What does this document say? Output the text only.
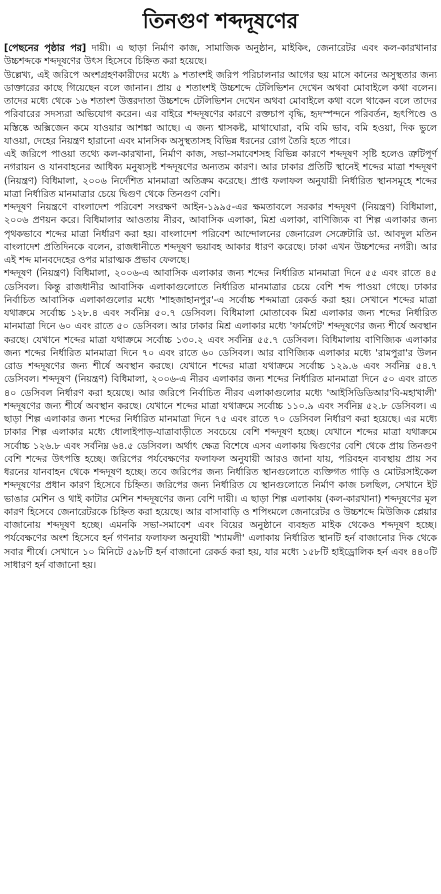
তিনগুণ শব্দদূষণের

[পেছনের পৃষ্ঠার পর] দায়ী। এ ছাড়া নির্মাণ কাজ, সামাজিক অনুষ্ঠান, মাইকিং, জেনারেটর এবং কল-কারখানার উচ্চশব্দকে শব্দদূষণের উৎস হিসেবে চিহ্নিত করা হয়েছে।

উল্লেখ্য, এই জরিপে অংশগ্রহণকারীদের মধ্যে ৯ শতাংশই জরিপ পরিচালনার আগের ছয় মাসে কানের অসুস্থতার জন্য ডাক্তারের কাছে গিয়েছেন বলে জানান। প্রায় ৫ শতাংশই উচ্চশব্দে টেলিভিশন দেখেন অথবা মোবাইলে কথা বলেন। তাদের মধ্যে থেকে ১৬ শতাংশ উত্তরদাতা উচ্চশব্দে টেলিভিশন দেখেন অথবা মোবাইলে কথা বলে থাকেন বলে তাদের পরিবারের সদস্যরা অভিযোগ করেন। এর বাইরে শব্দদূষণের কারণে রক্তচাপ বৃদ্ধি, হৃদস্পন্দনে পরিবর্তন, হৃৎপিণ্ডে ও মস্তিষ্কে অক্সিজেন কমে যাওয়ার আশঙ্কা আছে। এ জন্য শ্বাসকষ্ট, মাথাঘোরা, বমি বমি ভাব, বমি হওয়া, দিক ভুলে যাওয়া, দেহের নিয়ন্ত্রণ হারানো এবং মানসিক অসুস্থতাসহ বিভিন্ন ধরনের রোগ তৈরি হতে পারে।

এই জরিপে পাওয়া তথ্যে কল-কারখানা, নির্মাণ কাজ, সভা-সমাবেশসহ বিভিন্ন কারণে শব্দদূষণ সৃষ্টি হলেও ত্রুটিপূর্ণ নগরায়ন ও যানবাহনের আধিক্য মনুষ্যসৃষ্ট শব্দদূষণের অন্যতম কারণ। আর ঢাকার প্রতিটি স্থানেই শব্দের মাত্রা শব্দদূষণ (নিয়ন্ত্রণ) বিধিমালা, ২০০৬ নির্দেশিত মানমাত্রা অতিক্রম করেছে। প্রাপ্ত ফলাফল অনুযায়ী নির্ধারিত স্থানসমূহে শব্দের মাত্রা নির্ধারিত মানমাত্রার চেয়ে দ্বিগুণ থেকে তিনগুণ বেশি।

শব্দদূষণ নিয়ন্ত্রণে বাংলাদেশ পরিবেশ সংরক্ষণ আইন-১৯৯৫-এর ক্ষমতাবলে সরকার শব্দদূষণ (নিয়ন্ত্রণ) বিধিমালা, ২০০৬ প্রণয়ন করে। বিধিমালার আওতায় নীরব, আবাসিক এলাকা, মিশ্র এলাকা, বাণিজ্যিক বা শিল্প এলাকার জন্য পৃথকভাবে শব্দের মাত্রা নির্ধারণ করা হয়। বাংলাদেশ পরিবেশ আন্দোলনের জেনারেল সেক্রেটারি ডা. আবদুল মতিন বাংলাদেশ প্রতিদিনকে বলেন, রাজধানীতে শব্দদূষণ ভয়াবহ আকার ধারণ করেছে। ঢাকা এখন উচ্চশব্দের নগরী। আর এই শব্দ মানবদেহের ওপর মারাত্মক প্রভাব ফেলছে।

শব্দদূষণ (নিয়ন্ত্রণ) বিধিমালা, ২০০৬-এ আবাসিক এলাকার জন্য শব্দের নির্ধারিত মানমাত্রা দিনে ৫৫ এবং রাতে ৪৫ ডেসিবল। কিন্তু রাজধানীর আবাসিক এলাকাগুলোতে নির্ধারিত মানমাত্রার চেয়ে বেশি শব্দ পাওয়া গেছে। ঢাকার নির্বাচিত আবাসিক এলাকাগুলোর মধ্যে 'শাহজাহানপুর'-এ সর্বোচ্চ শব্দমাত্রা রেকর্ড করা হয়। সেখানে শব্দের মাত্রা যথাক্রমে সর্বোচ্চ ১২৮.৪ এবং সর্বনিম্ন ৫০.৭ ডেসিবল। বিধিমালা মোতাবেক মিশ্র এলাকার জন্য শব্দের নির্ধারিত মানমাত্রা দিনে ৬০ এবং রাতে ৫০ ডেসিবল। আর ঢাকার মিশ্র এলাকার মধ্যে 'ফার্মগেট' শব্দদূষণের জন্য শীর্ষে অবস্থান করছে। যেখানে শব্দের মাত্রা যথাক্রমে সর্বোচ্চ ১৩০.২ এবং সর্বনিম্ন ৫৫.৭ ডেসিবল। বিধিমালায় বাণিজ্যিক এলাকার জন্য শব্দের নির্ধারিত মানমাত্রা দিনে ৭০ এবং রাতে ৬০ ডেসিবল। আর বাণিজ্যিক এলাকার মধ্যে 'রামপুরা'র উলন রোড শব্দদূষণের জন্য শীর্ষে অবস্থান করছে। যেখানে শব্দের মাত্রা যথাক্রমে সর্বোচ্চ ১২৯.৬ এবং সর্বনিম্ন ৫৪.৭ ডেসিবল। শব্দদূষণ (নিয়ন্ত্রণ) বিধিমালা, ২০০৬-এ নীরব এলাকার জন্য শব্দের নির্ধারিত মানমাত্রা দিনে ৫০ এবং রাতে ৪০ ডেসিবল নির্ধারণ করা হয়েছে। আর জরিপে নির্বাচিত নীরব এলাকাগুলোর মধ্যে 'আইসিডিডিআর'বি-মহাখালী' শব্দদূষণের জন্য শীর্ষে অবস্থান করছে। যেখানে শব্দের মাত্রা যথাক্রমে সর্বোচ্চ ১১০.৯ এবং সর্বনিম্ন ৫২.৮ ডেসিবল। এ ছাড়া শিল্প এলাকার জন্য শব্দের নির্ধারিত মানমাত্রা দিনে ৭৫ এবং রাতে ৭০ ডেসিবল নির্ধারণ করা হয়েছে। এর মধ্যে ঢাকার শিল্প এলাকার মধ্যে ধোলাইপাড়-যাত্রাবাড়ীতে সবচেয়ে বেশি শব্দদূষণ হচ্ছে। যেখানে শব্দের মাত্রা যথাক্রমে সর্বোচ্চ ১২৬.৮ এবং সর্বনিম্ন ৬৪.৫ ডেসিবল। অর্থাৎ ক্ষেত্র বিশেষে এসব এলাকায় দ্বিগুণের বেশি থেকে প্রায় তিনগুণ বেশি শব্দের উৎপত্তি হচ্ছে। জরিপের পর্যবেক্ষণের ফলাফল অনুযায়ী আরও জানা যায়, পরিবহন ব্যবস্থায় প্রায় সব ধরনের যানবাহন থেকে শব্দদূষণ হচ্ছে। তবে জরিপের জন্য নির্ধারিত স্থানগুলোতে ব্যক্তিগত গাড়ি ও মোটরসাইকেল শব্দদূষণের প্রধান কারণ হিসেবে চিহ্নিত। জরিপের জন্য নির্ধারিত যে স্থানগুলোতে নির্মাণ কাজ চলছিল, সেখানে ইট ভাঙার মেশিন ও থাই কাটার মেশিন শব্দদূষণের জন্য বেশি দায়ী। এ ছাড়া শিল্প এলাকায় (কল-কারখানা) শব্দদূষণের মূল কারণ হিসেবে জেনারেটরকে চিহ্নিত করা হয়েছে। আর বাসাবাড়ি ও শপিংমলে জেনারেটর ও উচ্চশব্দে মিউজিক প্লেয়ার বাজানোয় শব্দদূষণ হচ্ছে। এমনকি সভা-সমাবেশ এবং বিয়ের অনুষ্ঠানে ব্যবহৃত মাইক থেকেও শব্দদূষণ হচ্ছে। পর্যবেক্ষণের অংশ হিসেবে হর্ন গণনার ফলাফল অনুযায়ী 'শ্যামলী' এলাকায় নির্ধারিত স্থানটি হর্ন বাজানোর দিক থেকে সবার শীর্ষে। সেখানে ১০ মিনিটে ৫৯৮টি হর্ন বাজানো রেকর্ড করা হয়, যার মধ্যে ১৫৮টি হাইড্রোলিক হর্ন এবং ৪৪০টি সাধারণ হর্ন বাজানো হয়।
